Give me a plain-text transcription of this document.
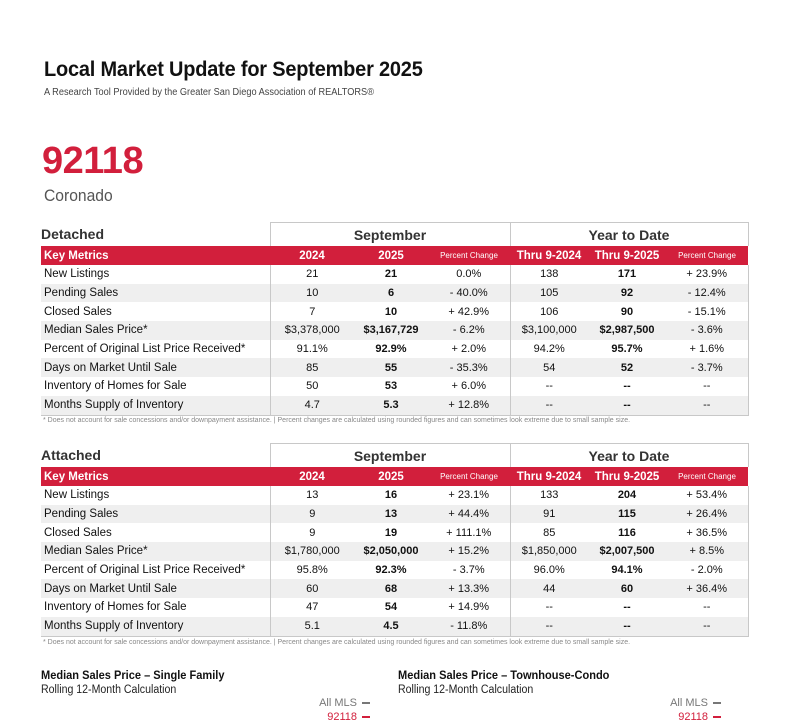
Local Market Update for September 2025
A Research Tool Provided by the Greater San Diego Association of REALTORS®
92118
Coronado
Detached	September			Year to Date		
Key Metrics	2024	2025	Percent Change	Thru 9-2024	Thru 9-2025	Percent Change
New Listings	21	21	0.0%	138	171	+ 23.9%
Pending Sales	10	6	- 40.0%	105	92	- 12.4%
Closed Sales	7	10	+ 42.9%	106	90	- 15.1%
Median Sales Price*	$3,378,000	$3,167,729	- 6.2%	$3,100,000	$2,987,500	- 3.6%
Percent of Original List Price Received*	91.1%	92.9%	+ 2.0%	94.2%	95.7%	+ 1.6%
Days on Market Until Sale	85	55	- 35.3%	54	52	- 3.7%
Inventory of Homes for Sale	50	53	+ 6.0%	--	--	--
Months Supply of Inventory	4.7	5.3	+ 12.8%	--	--	--
* Does not account for sale concessions and/or downpayment assistance. | Percent changes are calculated using rounded figures and can sometimes look extreme due to small sample size.
Attached	September			Year to Date		
Key Metrics	2024	2025	Percent Change	Thru 9-2024	Thru 9-2025	Percent Change
New Listings	13	16	+ 23.1%	133	204	+ 53.4%
Pending Sales	9	13	+ 44.4%	91	115	+ 26.4%
Closed Sales	9	19	+ 111.1%	85	116	+ 36.5%
Median Sales Price*	$1,780,000	$2,050,000	+ 15.2%	$1,850,000	$2,007,500	+ 8.5%
Percent of Original List Price Received*	95.8%	92.3%	- 3.7%	96.0%	94.1%	- 2.0%
Days on Market Until Sale	60	68	+ 13.3%	44	60	+ 36.4%
Inventory of Homes for Sale	47	54	+ 14.9%	--	--	--
Months Supply of Inventory	5.1	4.5	- 11.8%	--	--	--
* Does not account for sale concessions and/or downpayment assistance. | Percent changes are calculated using rounded figures and can sometimes look extreme due to small sample size.
Median Sales Price – Single Family
Rolling 12-Month Calculation
Median Sales Price – Townhouse-Condo
Rolling 12-Month Calculation
All MLS
92118
All MLS
92118
